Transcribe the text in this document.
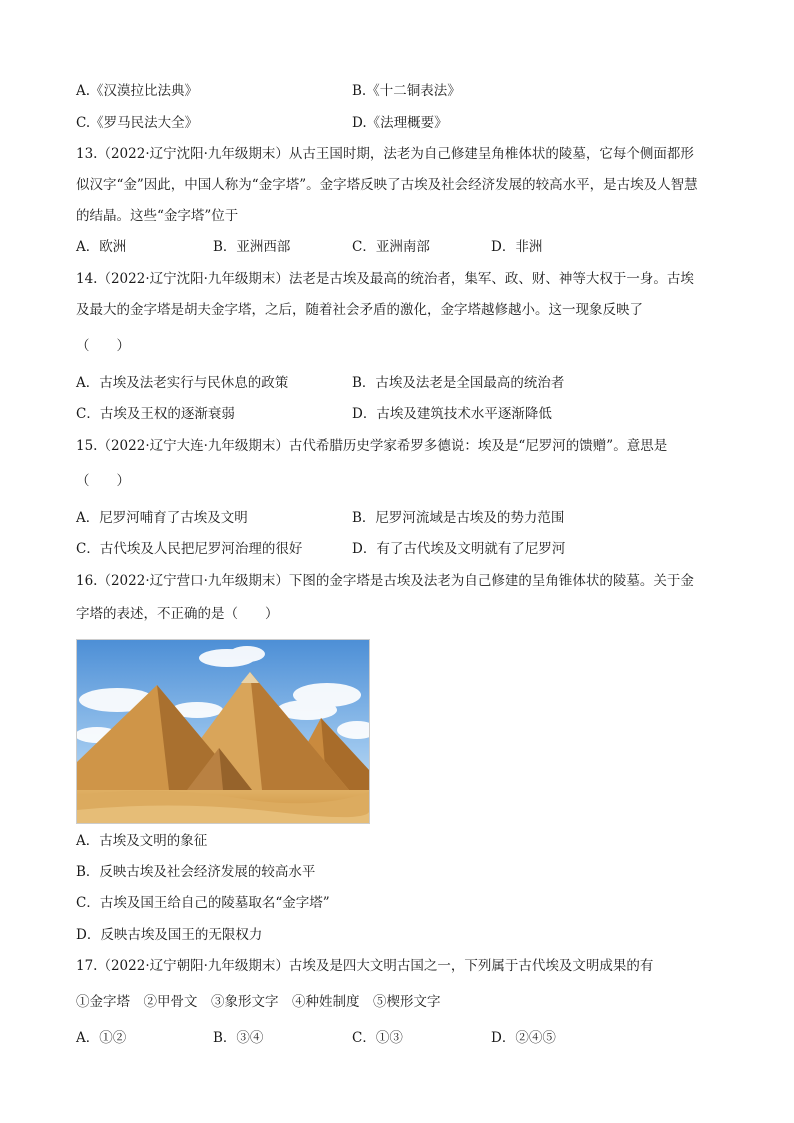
A.《汉漠拉比法典》	B.《十二铜表法》
C.《罗马民法大全》	D.《法理概要》
13.（2022·辽宁沈阳·九年级期末）从古王国时期，法老为自己修建呈角椎体状的陵墓，它每个侧面都形
似汉字“金”因此，中国人称为“金字塔”。金字塔反映了古埃及社会经济发展的较高水平，是古埃及人智慧
的结晶。这些“金字塔”位于
A．欧洲	B．亚洲西部	C．亚洲南部	D．非洲
14.（2022·辽宁沈阳·九年级期末）法老是古埃及最高的统治者，集军、政、财、神等大权于一身。古埃
及最大的金字塔是胡夫金字塔，之后，随着社会矛盾的激化，金字塔越修越小。这一现象反映了
（　　）
A．古埃及法老实行与民休息的政策	B．古埃及法老是全国最高的统治者
C．古埃及王权的逐渐衰弱	D．古埃及建筑技术水平逐渐降低
15.（2022·辽宁大连·九年级期末）古代希腊历史学家希罗多德说：埃及是“尼罗河的馈赠”。意思是
（　　）
A．尼罗河哺育了古埃及文明	B．尼罗河流域是古埃及的势力范围
C．古代埃及人民把尼罗河治理的很好	D．有了古代埃及文明就有了尼罗河
16.（2022·辽宁营口·九年级期末）下图的金字塔是古埃及法老为自己修建的呈角锥体状的陵墓。关于金
字塔的表述，不正确的是（　　）
A．古埃及文明的象征
B．反映古埃及社会经济发展的较高水平
C．古埃及国王给自己的陵墓取名“金字塔”
D．反映古埃及国王的无限权力
17.（2022·辽宁朝阳·九年级期末）古埃及是四大文明古国之一，下列属于古代埃及文明成果的有
①金字塔　②甲骨文　③象形文字　④种姓制度　⑤楔形文字
A．①②	B．③④	C．①③	D．②④⑤
